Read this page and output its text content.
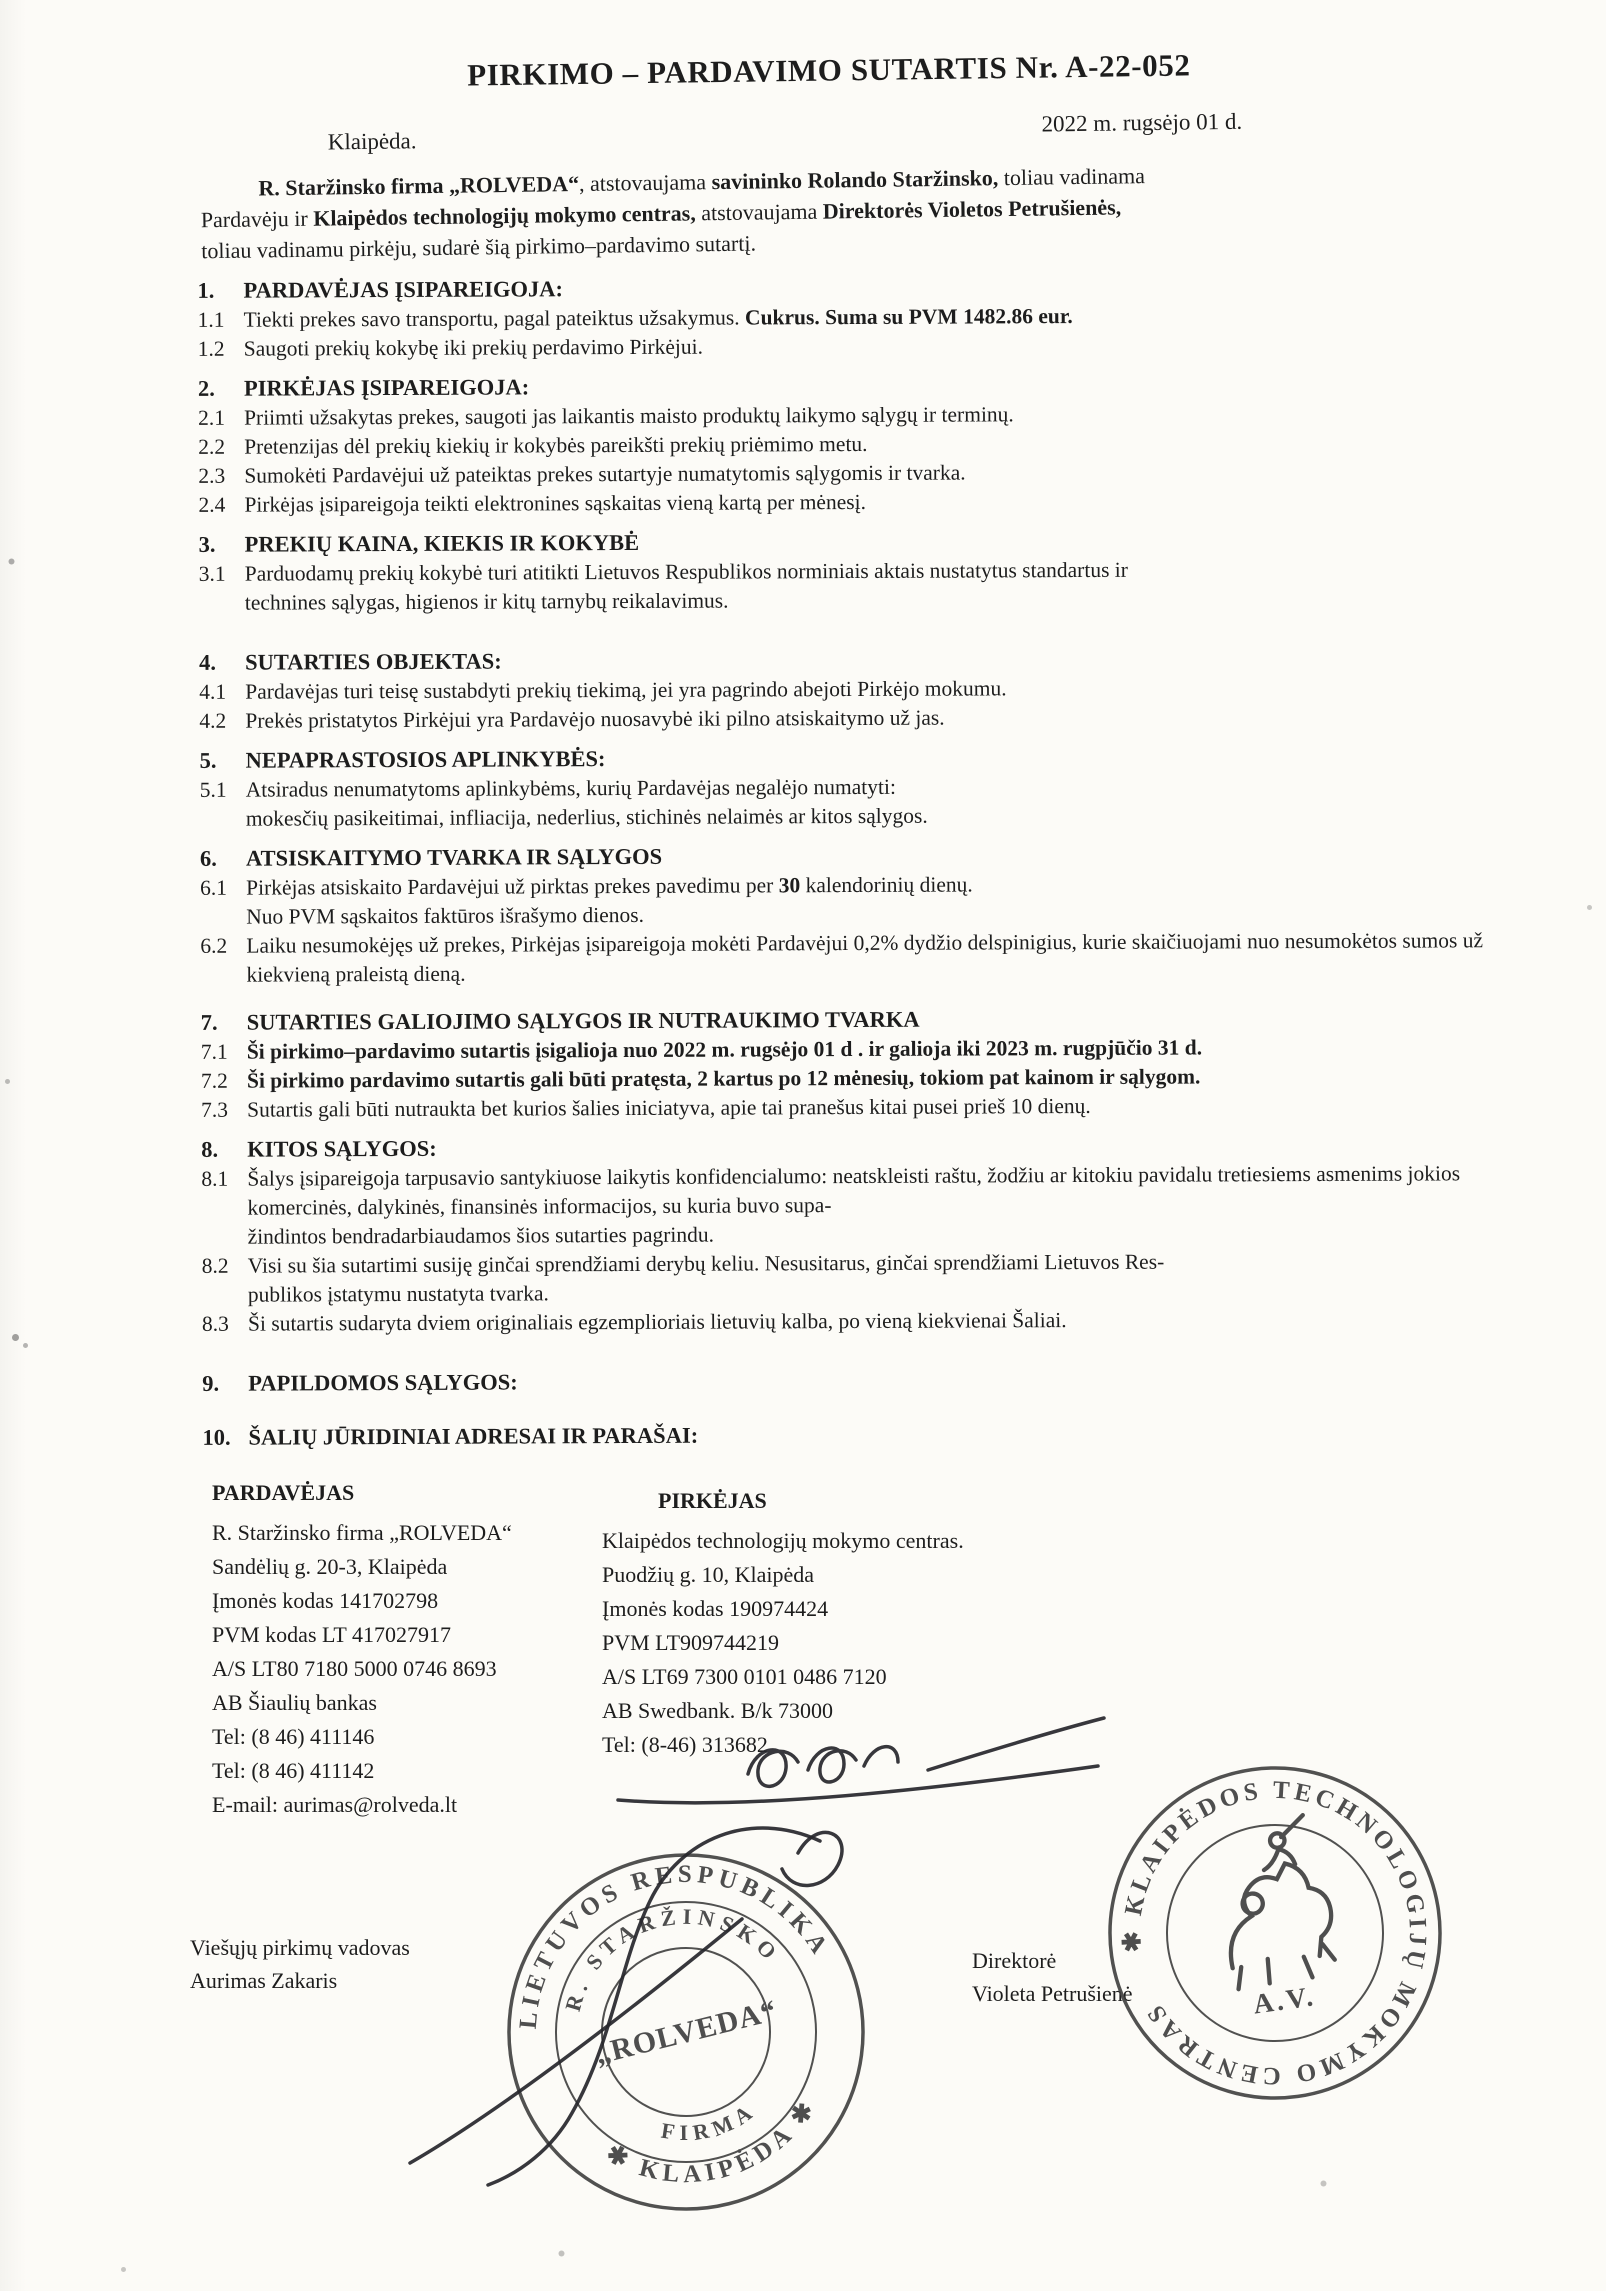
PIRKIMO – PARDAVIMO SUTARTIS Nr. A-22-052
Klaipėda.
2022 m. rugsėjo 01 d.
R. Staržinsko firma „ROLVEDA“, atstovaujama savininko Rolando Staržinsko, toliau vadinama
Pardavėju ir Klaipėdos technologijų mokymo centras, atstovaujama Direktorės Violetos Petrušienės,
toliau vadinamu pirkėju, sudarė šią pirkimo–pardavimo sutartį.
1.	PARDAVĖJAS ĮSIPAREIGOJA:
1.1 Tiekti prekes savo transportu, pagal pateiktus užsakymus. Cukrus. Suma su PVM 1482.86 eur.
1.2 Saugoti prekių kokybę iki prekių perdavimo Pirkėjui.
2.	PIRKĖJAS ĮSIPAREIGOJA:
2.1 Priimti užsakytas prekes, saugoti jas laikantis maisto produktų laikymo sąlygų ir terminų.
2.2 Pretenzijas dėl prekių kiekių ir kokybės pareikšti prekių priėmimo metu.
2.3 Sumokėti Pardavėjui už pateiktas prekes sutartyje numatytomis sąlygomis ir tvarka.
2.4 Pirkėjas įsipareigoja teikti elektronines sąskaitas vieną kartą per mėnesį.
3.	PREKIŲ KAINA, KIEKIS IR KOKYBĖ
3.1 Parduodamų prekių kokybė turi atitikti Lietuvos Respublikos norminiais aktais nustatytus standartus ir
technines sąlygas, higienos ir kitų tarnybų reikalavimus.
4.	SUTARTIES OBJEKTAS:
4.1 Pardavėjas turi teisę sustabdyti prekių tiekimą, jei yra pagrindo abejoti Pirkėjo mokumu.
4.2 Prekės pristatytos Pirkėjui yra Pardavėjo nuosavybė iki pilno atsiskaitymo už jas.
5.	NEPAPRASTOSIOS APLINKYBĖS:
5.1 Atsiradus nenumatytoms aplinkybėms, kurių Pardavėjas negalėjo numatyti:
mokesčių pasikeitimai, infliacija, nederlius, stichinės nelaimės ar kitos sąlygos.
6.	ATSISKAITYMO TVARKA IR SĄLYGOS
6.1 Pirkėjas atsiskaito Pardavėjui už pirktas prekes pavedimu per 30 kalendorinių dienų.
Nuo PVM sąskaitos faktūros išrašymo dienos.
6.2 Laiku nesumokėjęs už prekes, Pirkėjas įsipareigoja mokėti Pardavėjui 0,2% dydžio delspinigius, kurie skaičiuojami nuo nesumokėtos sumos už kiekvieną praleistą dieną.
7.	SUTARTIES GALIOJIMO SĄLYGOS IR NUTRAUKIMO TVARKA
7.1 Ši pirkimo–pardavimo sutartis įsigalioja nuo 2022 m. rugsėjo 01 d . ir galioja iki 2023 m. rugpjūčio 31 d.
7.2 Ši pirkimo pardavimo sutartis gali būti pratęsta, 2 kartus po 12 mėnesių, tokiom pat kainom ir sąlygom.
7.3 Sutartis gali būti nutraukta bet kurios šalies iniciatyva, apie tai pranešus kitai pusei prieš 10 dienų.
8.	KITOS SĄLYGOS:
8.1 Šalys įsipareigoja tarpusavio santykiuose laikytis konfidencialumo: neatskleisti raštu, žodžiu ar kitokiu pavidalu tretiesiems asmenims jokios komercinės, dalykinės, finansinės informacijos, su kuria buvo supa-
žindintos bendradarbiaudamos šios sutarties pagrindu.
8.2 Visi su šia sutartimi susiję ginčai sprendžiami derybų keliu. Nesusitarus, ginčai sprendžiami Lietuvos Res-
publikos įstatymu nustatyta tvarka.
8.3 Ši sutartis sudaryta dviem originaliais egzemplioriais lietuvių kalba, po vieną kiekvienai Šaliai.
9.	PAPILDOMOS SĄLYGOS:
10. ŠALIŲ JŪRIDINIAI ADRESAI IR PARAŠAI:
PARDAVĖJAS
R. Staržinsko firma „ROLVEDA“
Sandėlių g. 20-3, Klaipėda
Įmonės kodas 141702798
PVM kodas LT 417027917
A/S LT80 7180 5000 0746 8693
AB Šiaulių bankas
Tel: (8 46) 411146
Tel: (8 46) 411142
E-mail: aurimas@rolveda.lt
PIRKĖJAS
Klaipėdos technologijų mokymo centras.
Puodžių g. 10, Klaipėda
Įmonės kodas 190974424
PVM LT909744219
A/S LT69 7300 0101 0486 7120
AB Swedbank. B/k 73000
Tel: (8-46) 313682
Viešųjų pirkimų vadovas
Aurimas Zakaris
Direktorė
Violeta Petrušienė
LIETUVOS RESPUBLIKA
✱ KLAIPĖDA ✱
R. STARŽINSKO
FIRMA
„ROLVEDA“
✱ KLAIPĖDOS TECHNOLOGIJŲ MOKYMO CENTRAS	A.V.
